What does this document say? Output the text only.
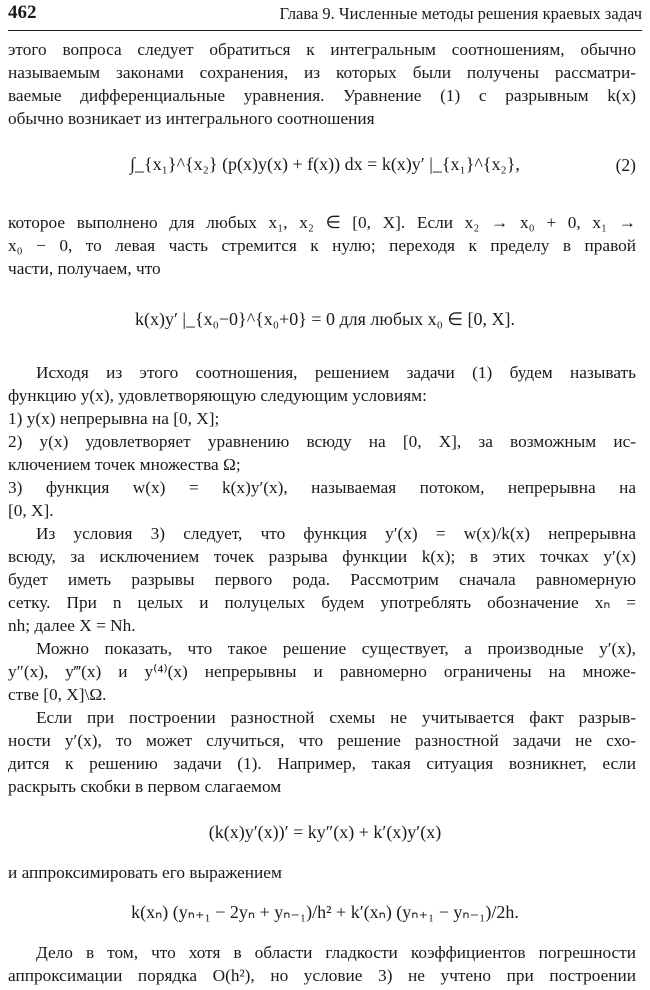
462	Глава 9. Численные методы решения краевых задач
этого вопроса следует обратиться к интегральным соотношениям, обычно
называемым законами сохранения, из которых были получены рассматри-
ваемые дифференциальные уравнения. Уравнение (1) с разрывным k(x)
обычно возникает из интегрального соотношения
∫_{x₁}^{x₂} (p(x)y(x) + f(x)) dx = k(x)y′ |_{x₁}^{x₂},	(2)
которое выполнено для любых x₁, x₂ ∈ [0, X]. Если x₂ → x₀ + 0, x₁ →
x₀ − 0, то левая часть стремится к нулю; переходя к пределу в правой
части, получаем, что
k(x)y′ |_{x₀−0}^{x₀+0} = 0 для любых x₀ ∈ [0, X].
Исходя из этого соотношения, решением задачи (1) будем называть
функцию y(x), удовлетворяющую следующим условиям:
1) y(x) непрерывна на [0, X];
2) y(x) удовлетворяет уравнению всюду на [0, X], за возможным ис-
ключением точек множества Ω;
3) функция w(x) = k(x)y′(x), называемая потоком, непрерывна на
[0, X].
Из условия 3) следует, что функция y′(x) = w(x)/k(x) непрерывна
всюду, за исключением точек разрыва функции k(x); в этих точках y′(x)
будет иметь разрывы первого рода. Рассмотрим сначала равномерную
сетку. При n целых и полуцелых будем употреблять обозначение xₙ =
nh; далее X = Nh.
Можно показать, что такое решение существует, а производные y′(x),
y″(x), y‴(x) и y⁽⁴⁾(x) непрерывны и равномерно ограничены на множе-
стве [0, X]\Ω.
Если при построении разностной схемы не учитывается факт разрыв-
ности y′(x), то может случиться, что решение разностной задачи не схо-
дится к решению задачи (1). Например, такая ситуация возникнет, если
раскрыть скобки в первом слагаемом
(k(x)y′(x))′ = ky″(x) + k′(x)y′(x)
и аппроксимировать его выражением
k(xₙ) (yₙ₊₁ − 2yₙ + yₙ₋₁)/h² + k′(xₙ) (yₙ₊₁ − yₙ₋₁)/2h.
Дело в том, что хотя в области гладкости коэффициентов погрешности
аппроксимации порядка O(h²), но условие 3) не учтено при построении
